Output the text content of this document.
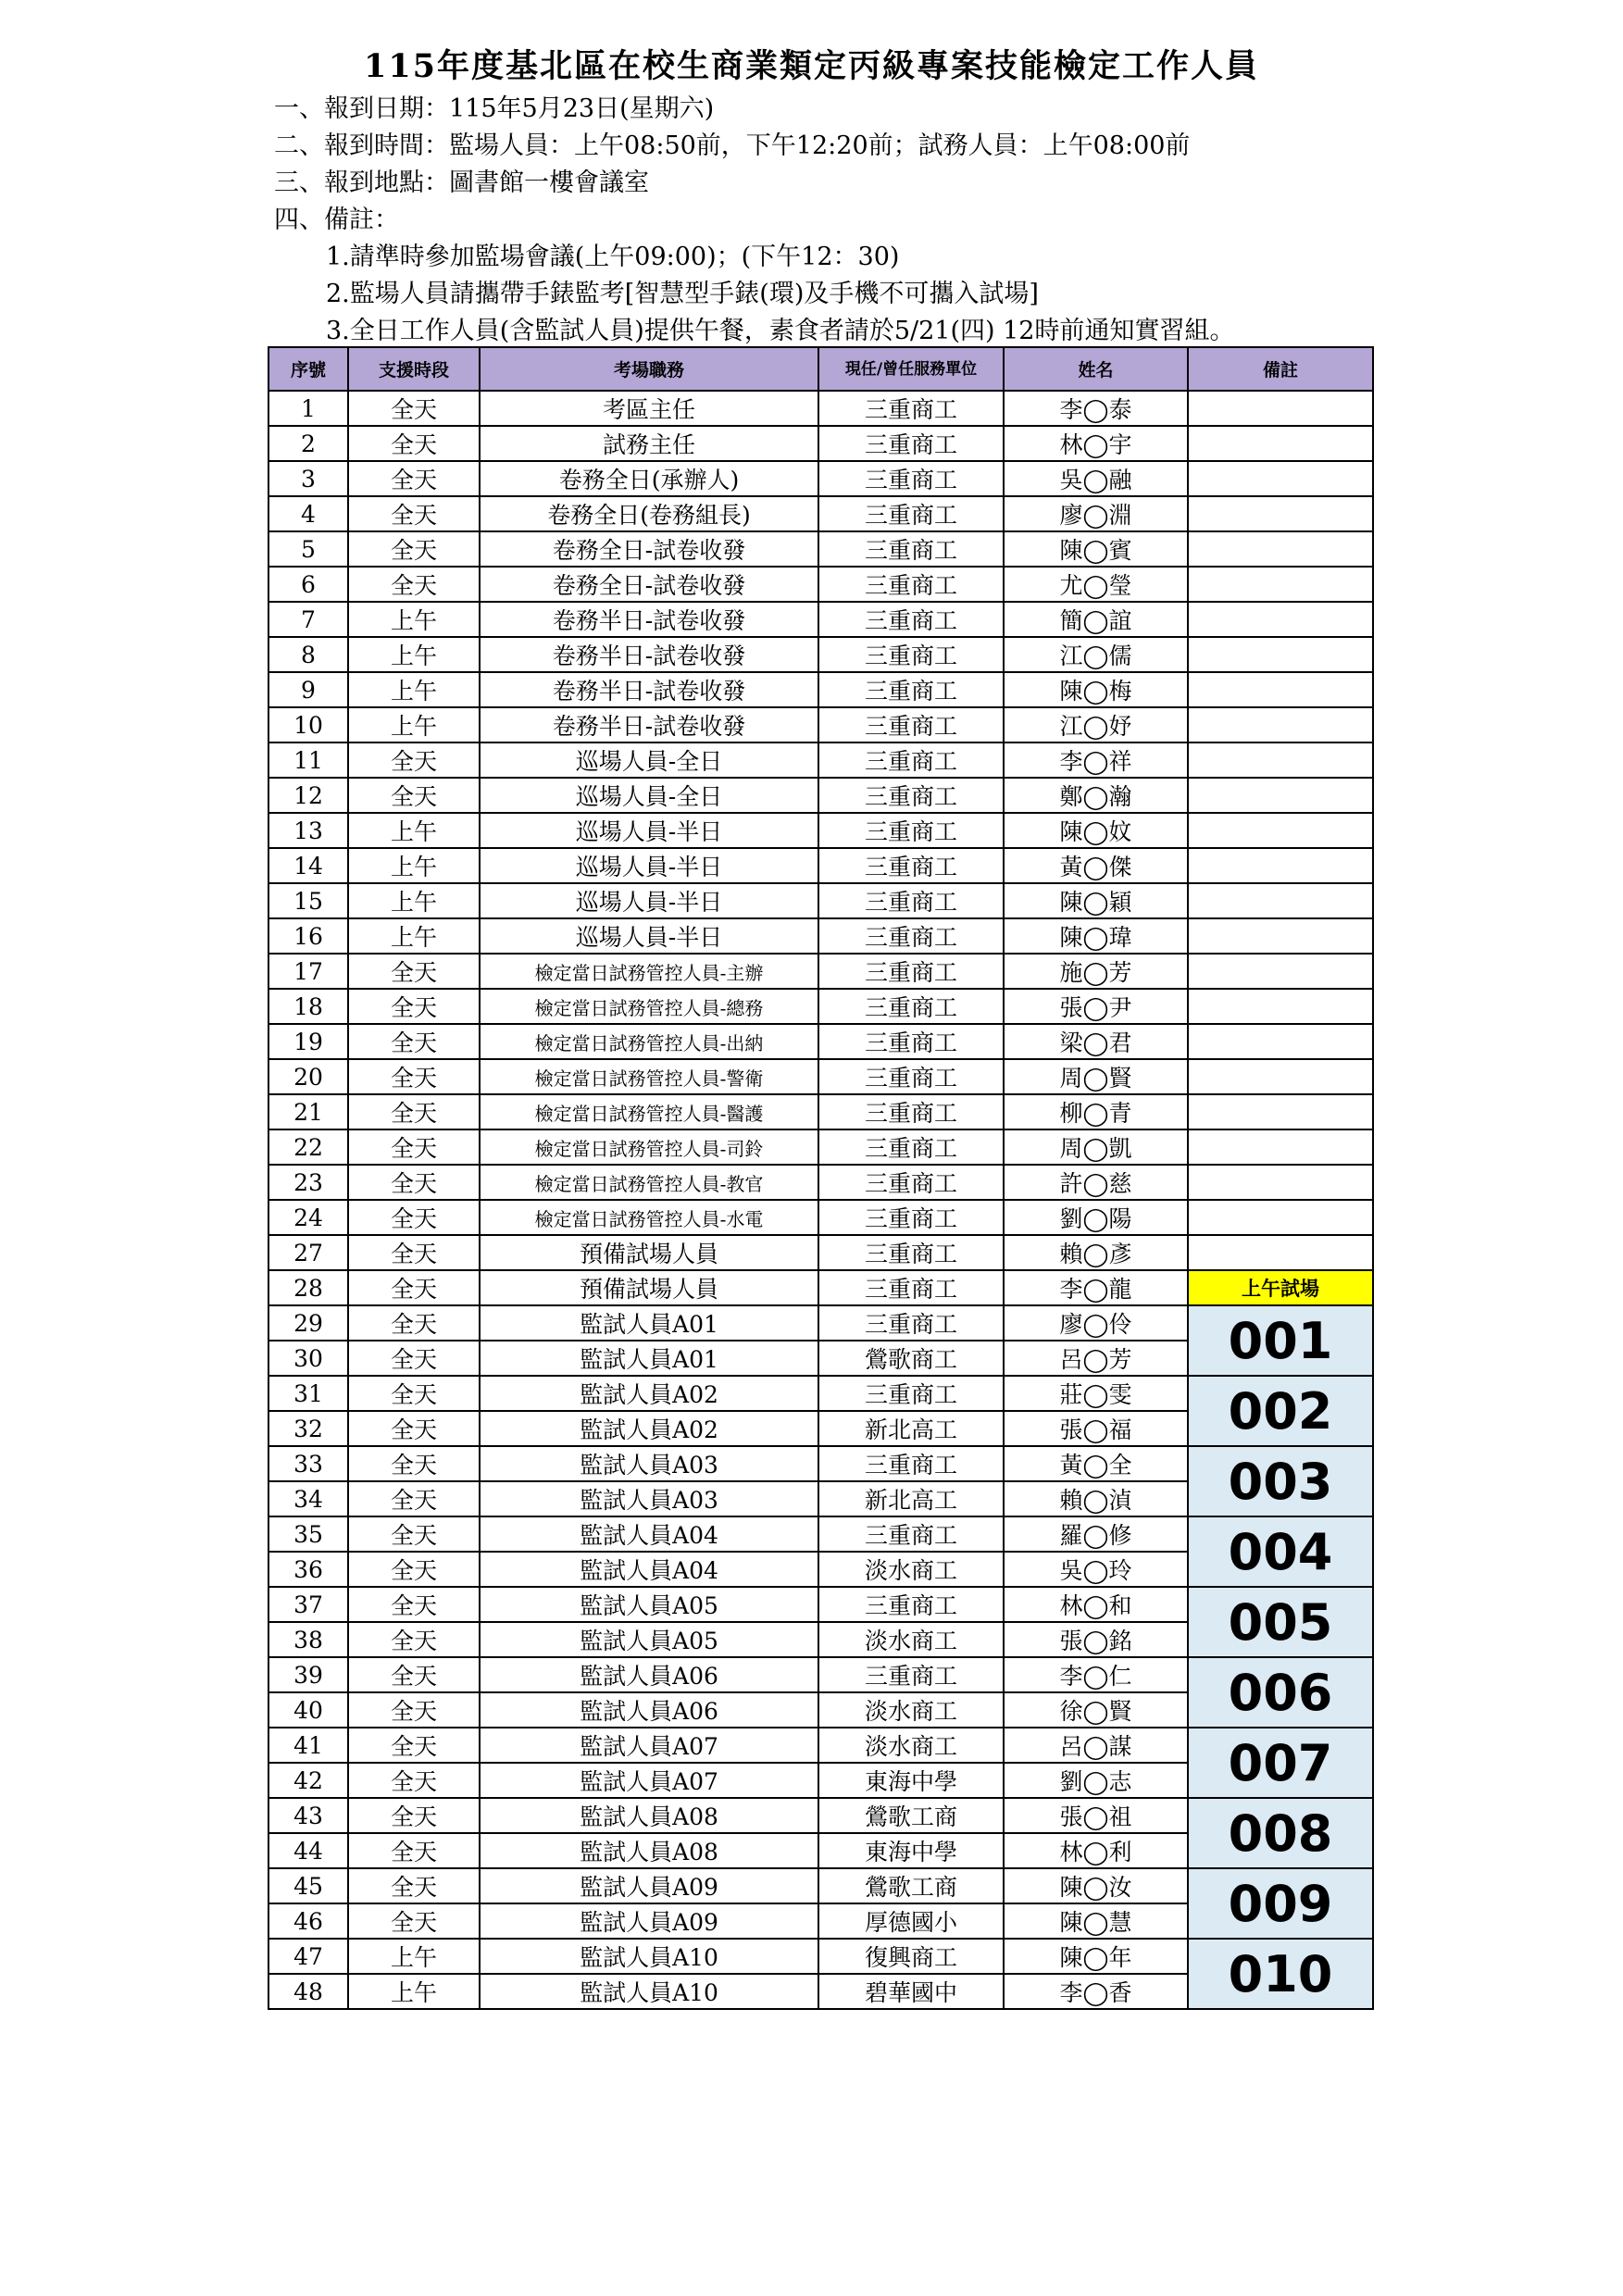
115年度基北區在校生商業類定丙級專案技能檢定工作人員
一、報到日期：115年5月23日(星期六)
二、報到時間：監場人員：上午08:50前，下午12:20前；試務人員：上午08:00前
三、報到地點：圖書館一樓會議室
四、備註：
1.請準時參加監場會議(上午09:00)；(下午12：30)
2.監場人員請攜帶手錶監考[智慧型手錶(環)及手機不可攜入試場]
3.全日工作人員(含監試人員)提供午餐，素食者請於5/21(四) 12時前通知實習組。
序號	支援時段	考場職務	現任/曾任服務單位	姓名	備註
1	全天	考區主任	三重商工	李◯泰	
2	全天	試務主任	三重商工	林◯宇	
3	全天	卷務全日(承辦人)	三重商工	吳◯融	
4	全天	卷務全日(卷務組長)	三重商工	廖◯淵	
5	全天	卷務全日-試卷收發	三重商工	陳◯賓	
6	全天	卷務全日-試卷收發	三重商工	尤◯瑩	
7	上午	卷務半日-試卷收發	三重商工	簡◯誼	
8	上午	卷務半日-試卷收發	三重商工	江◯儒	
9	上午	卷務半日-試卷收發	三重商工	陳◯梅	
10	上午	卷務半日-試卷收發	三重商工	江◯妤	
11	全天	巡場人員-全日	三重商工	李◯祥	
12	全天	巡場人員-全日	三重商工	鄭◯瀚	
13	上午	巡場人員-半日	三重商工	陳◯妏	
14	上午	巡場人員-半日	三重商工	黃◯傑	
15	上午	巡場人員-半日	三重商工	陳◯穎	
16	上午	巡場人員-半日	三重商工	陳◯瑋	
17	全天	檢定當日試務管控人員-主辦	三重商工	施◯芳	
18	全天	檢定當日試務管控人員-總務	三重商工	張◯尹	
19	全天	檢定當日試務管控人員-出納	三重商工	梁◯君	
20	全天	檢定當日試務管控人員-警衛	三重商工	周◯賢	
21	全天	檢定當日試務管控人員-醫護	三重商工	柳◯青	
22	全天	檢定當日試務管控人員-司鈴	三重商工	周◯凱	
23	全天	檢定當日試務管控人員-教官	三重商工	許◯慈	
24	全天	檢定當日試務管控人員-水電	三重商工	劉◯陽	
27	全天	預備試場人員	三重商工	賴◯彥	
28	全天	預備試場人員	三重商工	李◯龍	上午試場
29	全天	監試人員A01	三重商工	廖◯伶	001
30	全天	監試人員A01	鶯歌商工	呂◯芳	
31	全天	監試人員A02	三重商工	莊◯雯	002
32	全天	監試人員A02	新北高工	張◯福	
33	全天	監試人員A03	三重商工	黃◯全	003
34	全天	監試人員A03	新北高工	賴◯湞	
35	全天	監試人員A04	三重商工	羅◯修	004
36	全天	監試人員A04	淡水商工	吳◯玲	
37	全天	監試人員A05	三重商工	林◯和	005
38	全天	監試人員A05	淡水商工	張◯銘	
39	全天	監試人員A06	三重商工	李◯仁	006
40	全天	監試人員A06	淡水商工	徐◯賢	
41	全天	監試人員A07	淡水商工	呂◯謀	007
42	全天	監試人員A07	東海中學	劉◯志	
43	全天	監試人員A08	鶯歌工商	張◯祖	008
44	全天	監試人員A08	東海中學	林◯利	
45	全天	監試人員A09	鶯歌工商	陳◯汝	009
46	全天	監試人員A09	厚德國小	陳◯慧	
47	上午	監試人員A10	復興商工	陳◯年	010
48	上午	監試人員A10	碧華國中	李◯香	
